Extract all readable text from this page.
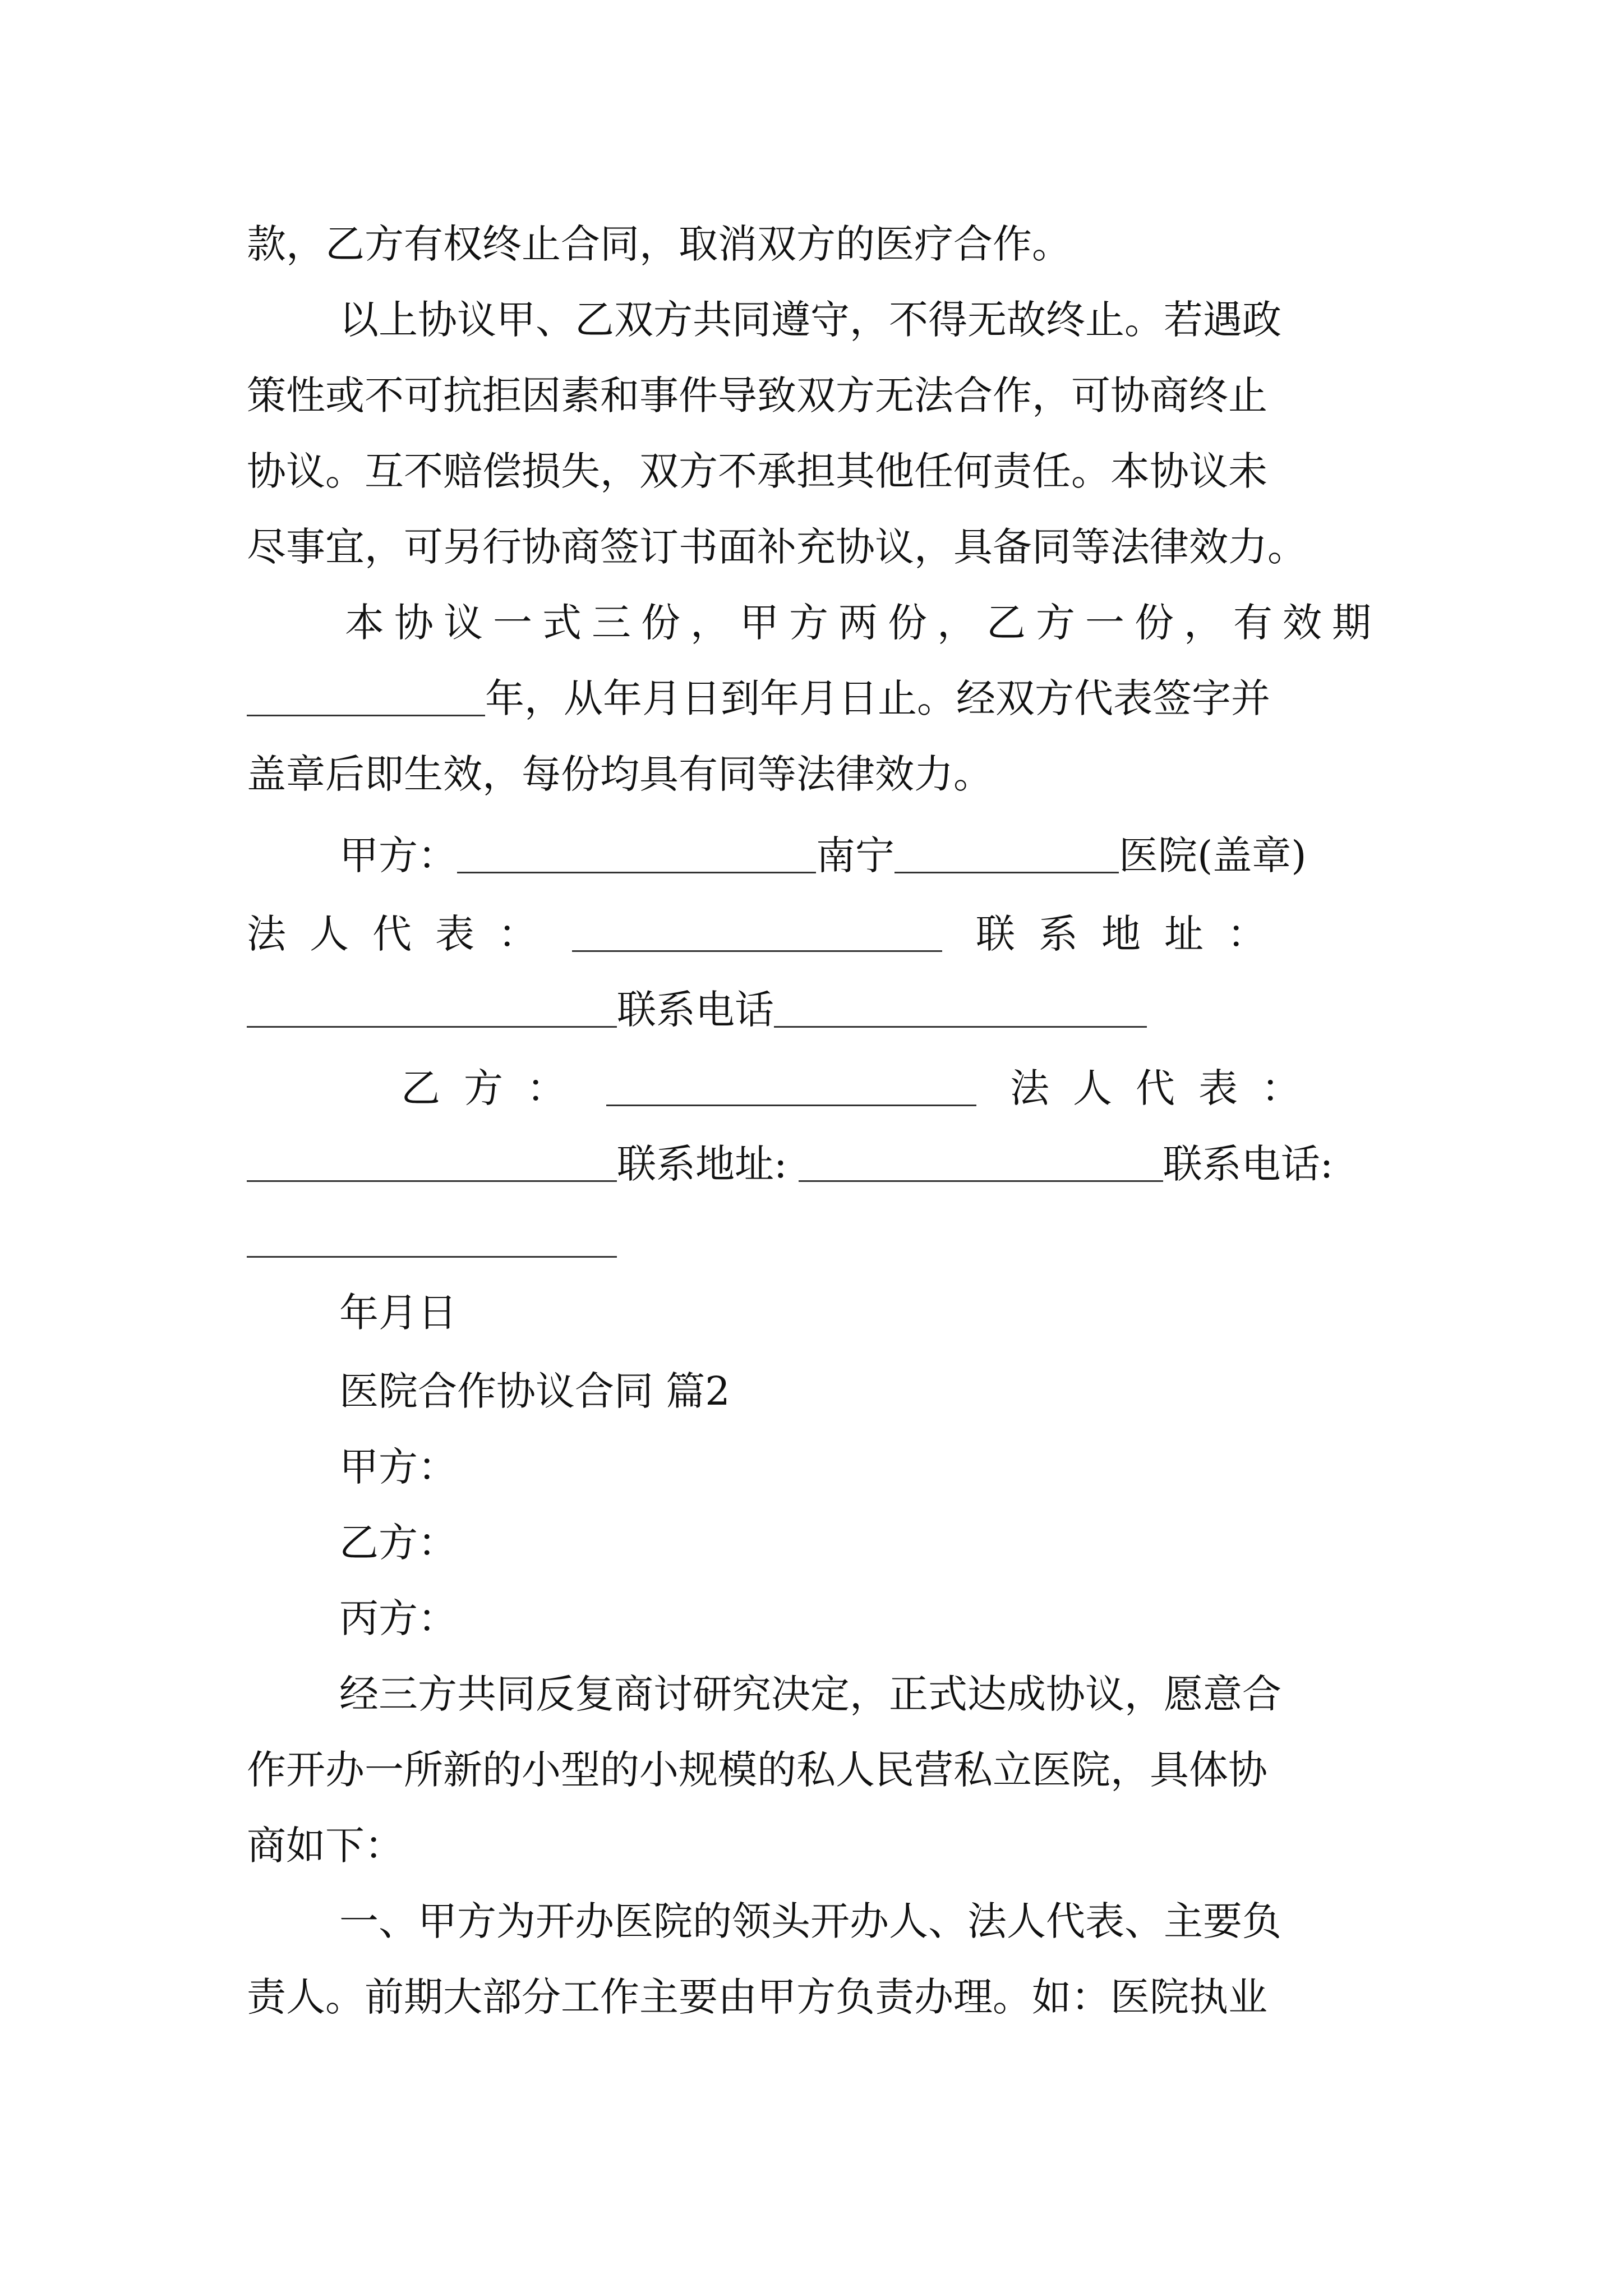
款，乙方有权终止合同，取消双方的医疗合作。
以上协议甲、乙双方共同遵守，不得无故终止。若遇政
策性或不可抗拒因素和事件导致双方无法合作，可协商终止
协议。互不赔偿损失，双方不承担其他任何责任。本协议未
尽事宜，可另行协商签订书面补充协议，具备同等法律效力。
本协议一式三份，甲方两份，乙方一份，有效期
年，从年月日到年月日止。经双方代表签字并
盖章后即生效，每份均具有同等法律效力。
甲方：	南宁	医院(盖章)
法人代表：	联系地址：
联系电话
乙方：	法人代表：
联系地址:	联系电话:
年月日
医院合作协议合同 篇2
甲方：
乙方：
丙方：
经三方共同反复商讨研究决定，正式达成协议，愿意合
作开办一所新的小型的小规模的私人民营私立医院，具体协
商如下：
一、甲方为开办医院的领头开办人、法人代表、主要负
责人。前期大部分工作主要由甲方负责办理。如：医院执业
